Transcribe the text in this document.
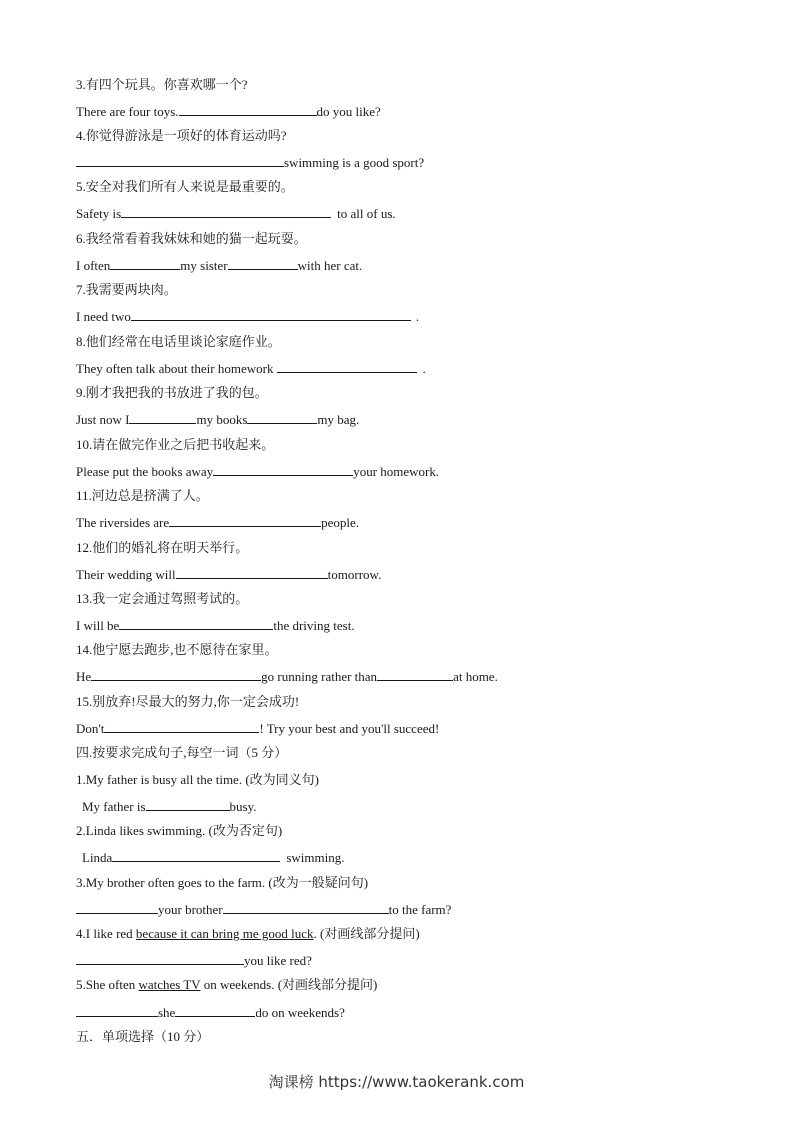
3.有四个玩具。你喜欢哪一个?
There are four toys.	do you like?
4.你觉得游泳是一项好的体育运动吗?
swimming is a good sport?
5.安全对我们所有人来说是最重要的。
Safety is	to all of us.
6.我经常看着我妹妹和她的猫一起玩耍。
I often	my sister	with her cat.
7.我需要两块肉。
I need two	.
8.他们经常在电话里谈论家庭作业。
They often talk about their homework	.
9.刚才我把我的书放进了我的包。
Just now I	my books	my bag.
10.请在做完作业之后把书收起来。
Please put the books away	your homework.
11.河边总是挤满了人。
The riversides are	people.
12.他们的婚礼将在明天举行。
Their wedding will	tomorrow.
13.我一定会通过驾照考试的。
I will be	the driving test.
14.他宁愿去跑步,也不愿待在家里。
He	go running rather than	at home.
15.别放弃!尽最大的努力,你一定会成功!
Don't	! Try your best and you'll succeed!
四.按要求完成句子,每空一词（5 分）
1.My father is busy all the time. (改为同义句)
My father is	busy.
2.Linda likes swimming. (改为否定句)
Linda	swimming.
3.My brother often goes to the farm. (改为一般疑问句)
your brother	to the farm?
4.I like red because it can bring me good luck. (对画线部分提问)
you like red?
5.She often watches TV on weekends. (对画线部分提问)
she	do on weekends?
五．单项选择（10 分）
淘课榜 https://www.taokerank.com
